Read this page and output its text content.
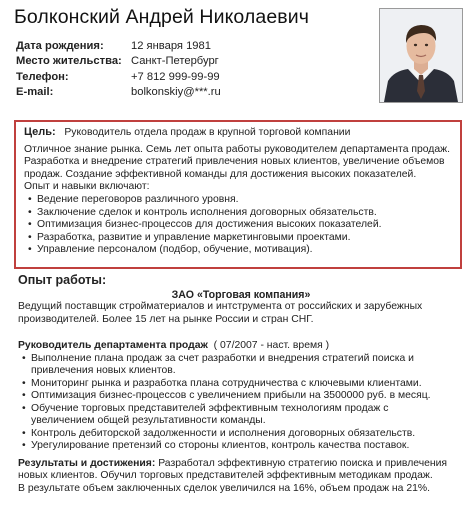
Болконский Андрей Николаевич
Дата рождения:	12 января 1981
Место жительства: Санкт-Петербург
Телефон:	+7 812 999-99-99
E-mail:	bolkonskiy@***.ru

Цель: Руководитель отдела продаж в крупной торговой компании

Отличное знание рынка. Семь лет опыта работы руководителем департамента продаж.

Разработка и внедрение стратегий привлечения новых клиентов, увеличение объемов

продаж. Создание эффективной команды для достижения высоких показателей.

Опыт и навыки включают:

• Ведение переговоров различного уровня.
• Заключение сделок и контроль исполнения договорных обязательств.
• Оптимизация бизнес-процессов для достижения высоких показателей.
• Разработка, развитие и управление маркетинговыми проектами.
• Управление персоналом (подбор, обучение, мотивация).

Опыт работы:

ЗАО «Торговая компания»

Ведущий поставщик стройматериалов и интструмента от российских и зарубежных

производителей. Более 15 лет на рынке России и стран СНГ.

Руководитель департамента продаж ( 07/2007 - наст. время )

• Выполнение плана продаж за счет разработки и внедрения стратегий поиска и
привлечения новых клиентов.
• Мониторинг рынка и разработка плана сотрудничества с ключевыми клиентами.
• Оптимизация бизнес-процессов с увеличением прибыли на 3500000 руб. в месяц.
• Обучение торговых представителей эффективным технологиям продаж с
увеличением общей результативности команды.
• Контроль дебиторской задолженности и исполнения договорных обязательств.
• Урегулирование претензий со стороны клиентов, контроль качества поставок.

Результаты и достижения: Разработал эффективную стратегию поиска и привлечения

новых клиентов. Обучил торговых представителей эффективным методикам продаж.

В результате объем заключенных сделок увеличился на 16%, объем продаж на 21%.
